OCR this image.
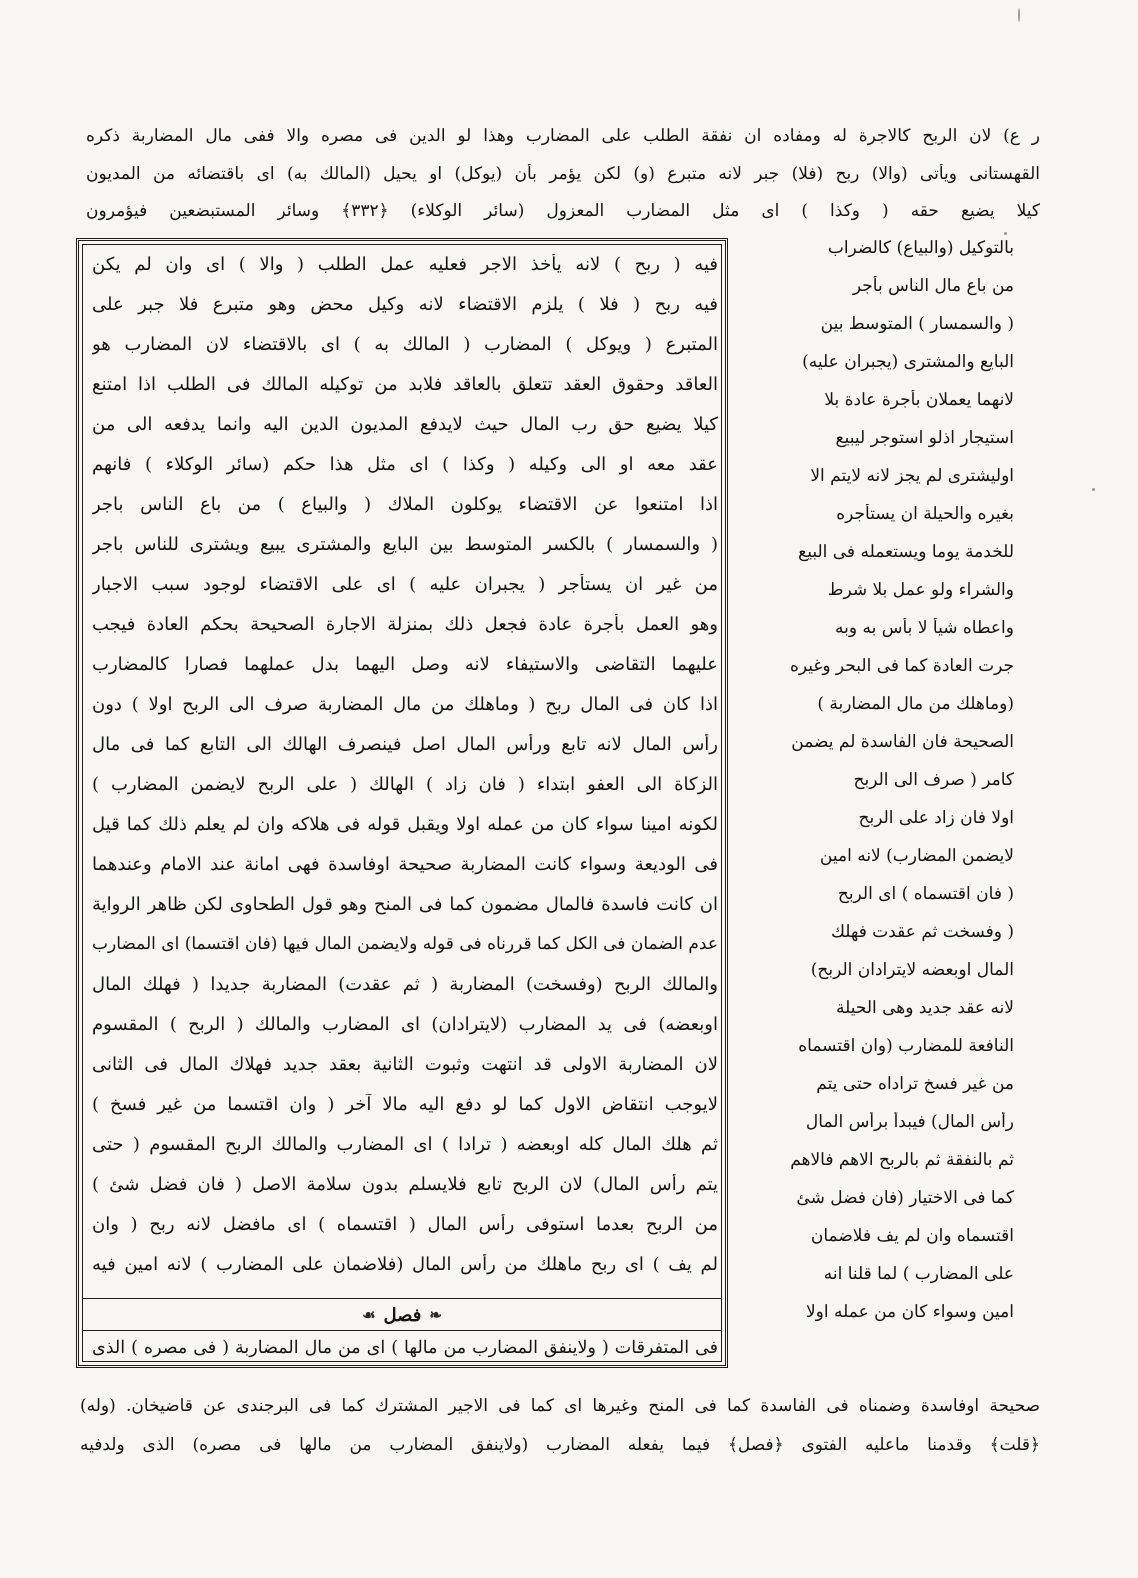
ر ع) لان الربح كالاجرة له ومفاده ان نفقة الطلب على المضارب وهذا لو الدين فى مصره والا ففى مال المضاربة ذكره
القهستانى ويأتى (والا) ربح (فلا) جبر لانه متبرع (و) لكن يؤمر بأن (يوكل) او يحيل (المالك به) اى باقتضائه من المديون
كيلا يضيع حقه ( وكذا ) اى مثل المضارب المعزول (سائر الوكلاء) ﴿٣٣٢﴾ وسائر المستبضعين فيؤمرون
فيه ( ربح ) لانه يأخذ الاجر فعليه عمل الطلب ( والا ) اى وان لم يكن
فيه ربح ( فلا ) يلزم الاقتضاء لانه وكيل محض وهو متبرع فلا جبر على
المتبرع ( ويوكل ) المضارب ( المالك به ) اى بالاقتضاء لان المضارب هو
العاقد وحقوق العقد تتعلق بالعاقد فلابد من توكيله المالك فى الطلب اذا امتنع
كيلا يضيع حق رب المال حيث لايدفع المديون الدين اليه وانما يدفعه الى من
عقد معه او الى وكيله ( وكذا ) اى مثل هذا حكم (سائر الوكلاء ) فانهم
اذا امتنعوا عن الاقتضاء يوكلون الملاك ( والبياع ) من باع الناس باجر
( والسمسار ) بالكسر المتوسط بين البايع والمشترى يبيع ويشترى للناس باجر
من غير ان يستأجر ( يجبران عليه ) اى على الاقتضاء لوجود سبب الاجبار
وهو العمل بأجرة عادة فجعل ذلك بمنزلة الاجارة الصحيحة بحكم العادة فيجب
عليهما التقاضى والاستيفاء لانه وصل اليهما بدل عملهما فصارا كالمضارب
اذا كان فى المال ربح ( وماهلك من مال المضاربة صرف الى الربح اولا ) دون
رأس المال لانه تابع ورأس المال اصل فينصرف الهالك الى التابع كما فى مال
الزكاة الى العفو ابتداء ( فان زاد ) الهالك ( على الربح لايضمن المضارب )
لكونه امينا سواء كان من عمله اولا ويقبل قوله فى هلاكه وان لم يعلم ذلك كما قيل
فى الوديعة وسواء كانت المضاربة صحيحة اوفاسدة فهى امانة عند الامام وعندهما
ان كانت فاسدة فالمال مضمون كما فى المنح وهو قول الطحاوى لكن ظاهر الرواية
عدم الضمان فى الكل كما قررناه فى قوله ولايضمن المال فيها (فان اقتسما) اى المضارب
والمالك الربح (وفسخت) المضاربة ( ثم عقدت) المضاربة جديدا ( فهلك المال
اوبعضه) فى يد المضارب (لايترادان) اى المضارب والمالك ( الربح ) المقسوم
لان المضاربة الاولى قد انتهت وثبوت الثانية بعقد جديد فهلاك المال فى الثانى
لايوجب انتقاض الاول كما لو دفع اليه مالا آخر ( وان اقتسما من غير فسخ )
ثم هلك المال كله اوبعضه ( ترادا ) اى المضارب والمالك الربح المقسوم ( حتى
يتم رأس المال) لان الربح تابع فلايسلم بدون سلامة الاصل ( فان فضل شئ )
من الربح بعدما استوفى رأس المال ( اقتسماه ) اى مافضل لانه ربح ( وان
لم يف ) اى ربح ماهلك من رأس المال (فلاضمان على المضارب ) لانه امين فيه
❧
فصل
☙
فى المتفرقات ( ولاينفق المضارب من مالها ) اى من مال المضاربة ( فى مصره ) الذى
بالتوكيل (والبياع) كالضراب
من باع مال الناس بأجر
( والسمسار ) المتوسط بين
البايع والمشترى (يجبران عليه)
لانهما يعملان بأجرة عادة بلا
استيجار اذلو استوجر ليبيع
اوليشترى لم يجز لانه لايتم الا
بغيره والحيلة ان يستأجره
للخدمة يوما ويستعمله فى البيع
والشراء ولو عمل بلا شرط
واعطاه شيأ لا بأس به وبه
جرت العادة كما فى البحر وغيره
(وماهلك من مال المضاربة )
الصحيحة فان الفاسدة لم يضمن
كامر ( صرف الى الربح
اولا فان زاد على الربح
لايضمن المضارب) لانه امين
( فان اقتسماه ) اى الربح
( وفسخت ثم عقدت فهلك
المال اوبعضه لايترادان الربح)
لانه عقد جديد وهى الحيلة
النافعة للمضارب (وان اقتسماه
من غير فسخ تراداه حتى يتم
رأس المال) فيبدأ برأس المال
ثم بالنفقة ثم بالربح الاهم فالاهم
كما فى الاختيار (فان فضل شئ
اقتسماه وان لم يف فلاضمان
على المضارب ) لما قلنا انه
امين وسواء كان من عمله اولا
صحيحة اوفاسدة وضمناه فى الفاسدة كما فى المنح وغيرها اى كما فى الاجير المشترك كما فى البرجندى عن قاضيخان. (وله)
﴿قلت﴾ وقدمنا ماعليه الفتوى ﴿فصل﴾ فيما يفعله المضارب (ولاينفق المضارب من مالها فى مصره) الذى ولدفيه
